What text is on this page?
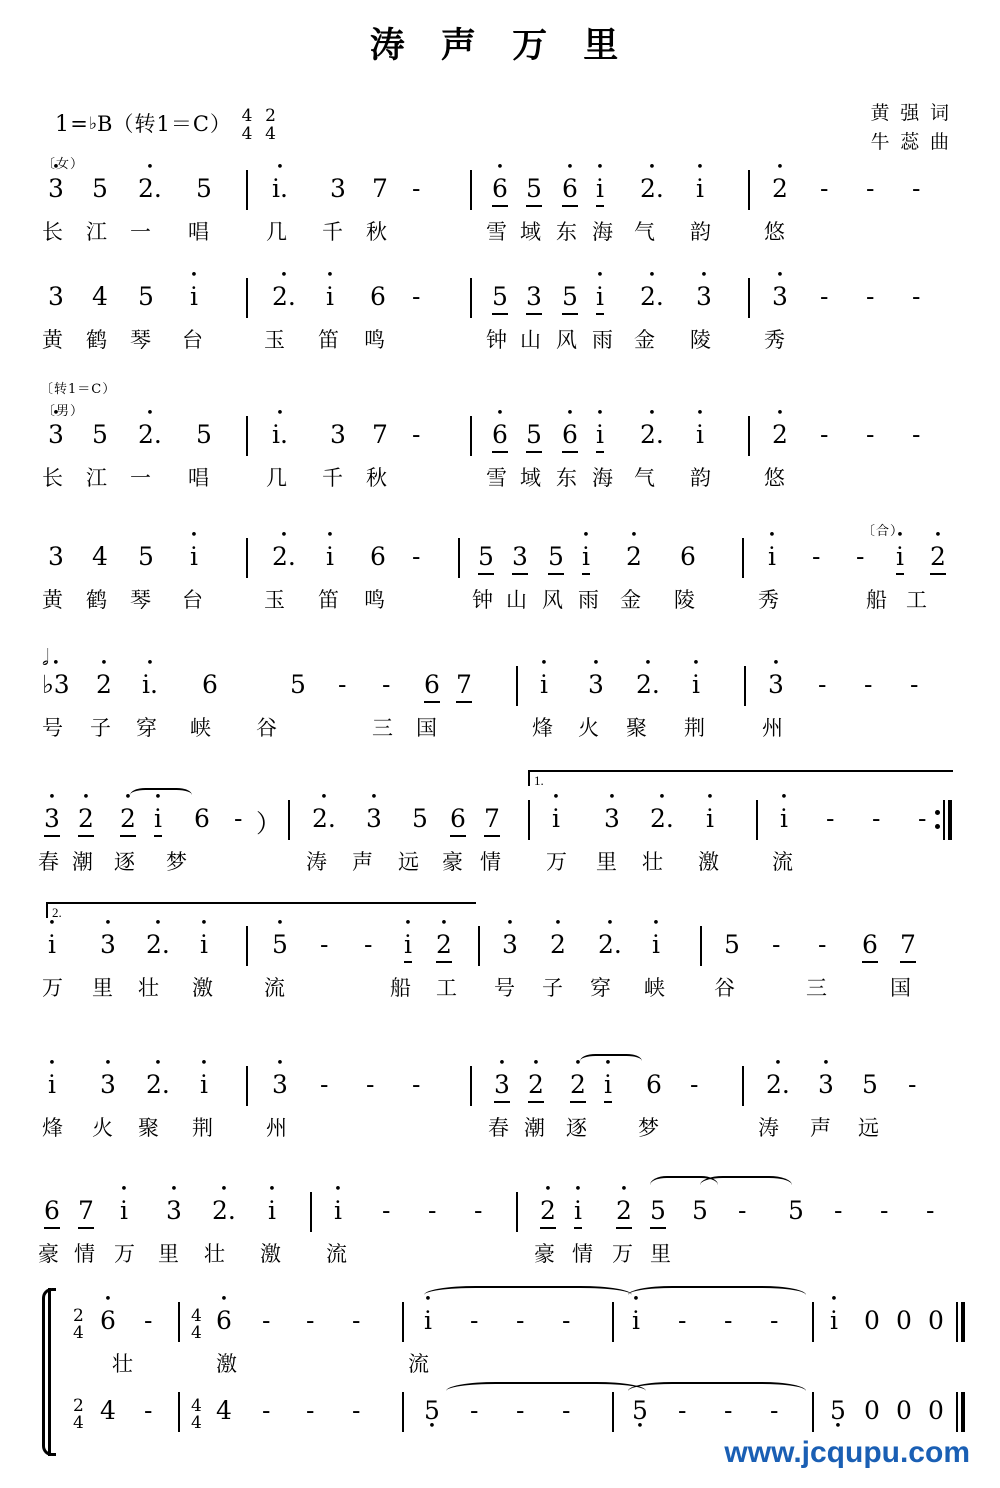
涛 声 万 里
1=♭B（转1＝C） 4
4

2
4
黄 强 词
牛 蕊 曲
〔女）
• 3 5 • 2. 5 • i. 3 7 -	• 6 5 • 6 • i • 2. • i	• 2 - - -
长 江 一 唱	几 千 秋	雪 域 东 海 气 韵	悠
3 4 5 • i	• 2. • i 6 -	5 3 5 • i • 2. • 3 • 3 - - -
黄 鹤 琴 台	玉 笛 鸣	钟 山 风 雨 金 陵	秀
〔转1＝C）
〔男）
• 3 5 • 2. 5 • i. 3 7 -	• 6 5 • 6 • i • 2. • i	• 2 - - -
长 江 一 唱	几 千 秋	雪 域 东 海 气 韵	悠
〔合）
3 4 5 • i	• 2. • i 6 - 5 3 5 • i • 2 6	• i - - • i • 2
黄 鹤 琴 台	玉 笛 鸣	钟 山 风 雨 金 陵	秀	船 工
𝅗𝅥
• ♭3 • 2 • i. 6	5 - - 6 7	• i • 3 • 2. • i	• 3 - - -
号 子 穿 峡 谷	三 国	烽 火 聚 荆	州
1.
• 3 • 2 • 2 • i 6 - ） • 2. • 3 5 6 7 • i • 3 • 2. • i	• i - - -
春 潮 逐 梦	涛 声 远 豪 情 万 里 壮 激	流
2.
• i • 3 • 2. • i	• 5 - - • i • 2 • 3 • 2 • 2. • i	5 - - 6 7
万 里 壮 激 流	船 工 号 子 穿 峡 谷	三	国
• i • 3 • 2. • i	• 3 - - -	• 3 • 2 • 2 • i 6 -	• 2. • 3 5 -
烽 火 聚 荆	州	春 潮 逐 梦	涛 声 远
6 7 • i • 3 • 2. • i • i - - - • 2 • i • 2 5 5 - 5 - - -
豪 情 万 里 壮 激 流	豪 情 万 里
2
4 • 6 - 4
4 • 6 - - -	• i - - - • i - - - • i 0 0 0
壮	激	流
2
4 4 - 4
4 4 - - -	5 • - - - 5 • - - - 5 • 0 0 0
www.jcqupu.com
